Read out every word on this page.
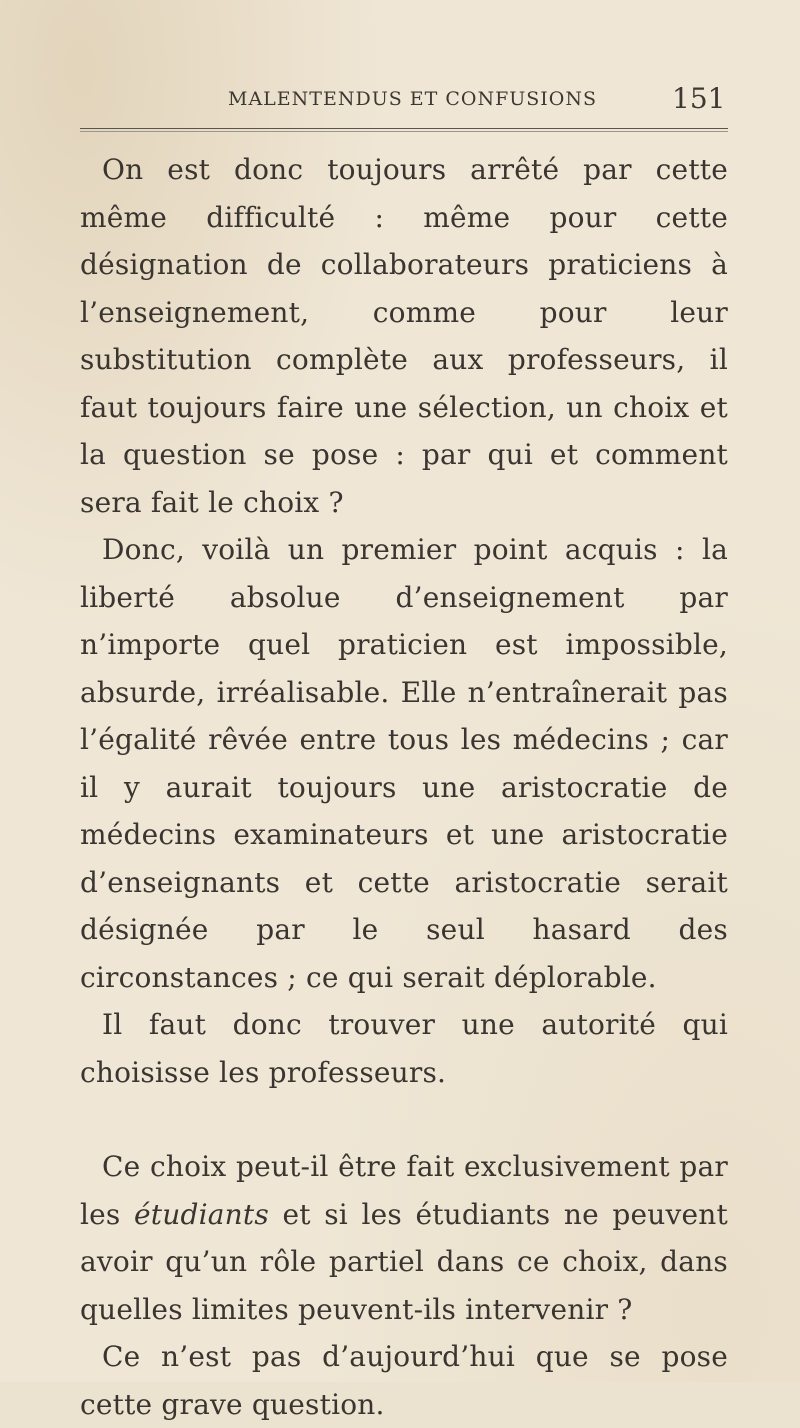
MALENTENDUS ET CONFUSIONS	151

On est donc toujours arrêté par cette même difficulté : même pour cette désignation de collaborateurs praticiens à l’enseignement, comme pour leur substitution complète aux professeurs, il faut toujours faire une sélection, un choix et la question se pose : par qui et comment sera fait le choix ?

Donc, voilà un premier point acquis : la liberté absolue d’enseignement par n’importe quel praticien est impossible, absurde, irréalisable. Elle n’entraînerait pas l’égalité rêvée entre tous les médecins ; car il y aurait toujours une aristocratie de médecins examinateurs et une aristocratie d’enseignants et cette aristocratie serait désignée par le seul hasard des circonstances ; ce qui serait déplorable.

Il faut donc trouver une autorité qui choisisse les professeurs.

Ce choix peut-il être fait exclusivement par les étudiants et si les étudiants ne peuvent avoir qu’un rôle partiel dans ce choix, dans quelles limites peuvent-ils intervenir ?

Ce n’est pas d’aujourd’hui que se pose cette grave question.
